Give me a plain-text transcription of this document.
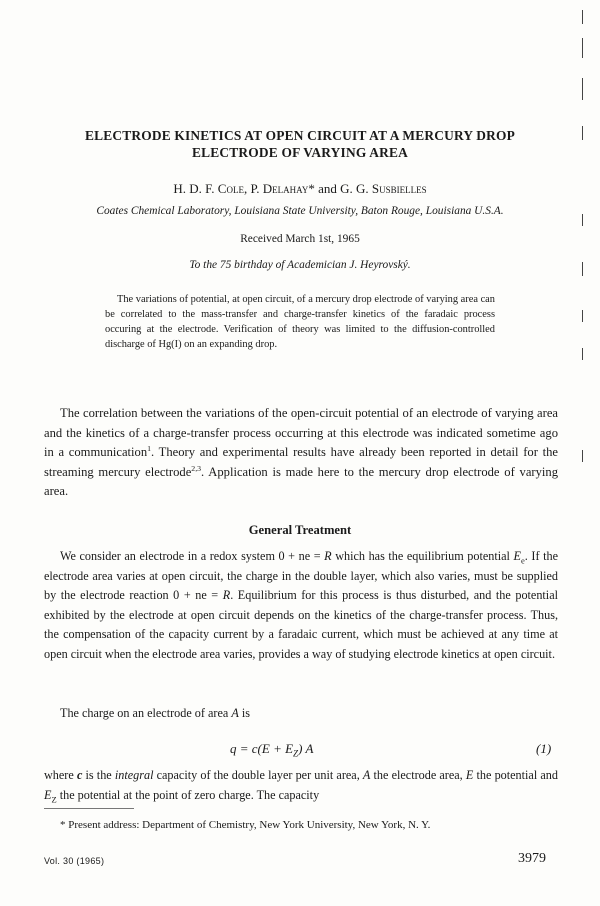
ELECTRODE KINETICS AT OPEN CIRCUIT AT A MERCURY DROP
ELECTRODE OF VARYING AREA
H. D. F. Cole, P. Delahay* and G. G. Susbielles
Coates Chemical Laboratory, Louisiana State University, Baton Rouge, Louisiana U.S.A.
Received March 1st, 1965
To the 75 birthday of Academician J. Heyrovský.
The variations of potential, at open circuit, of a mercury drop electrode of varying area can be correlated to the mass-transfer and charge-transfer kinetics of the faradaic process occuring at the electrode. Verification of theory was limited to the diffusion-controlled discharge of Hg(I) on an expanding drop.
The correlation between the variations of the open-circuit potential of an electrode of varying area and the kinetics of a charge-transfer process occurring at this electrode was indicated sometime ago in a communication$^1$. Theory and experimental results have already been reported in detail for the streaming mercury electrode$^{2,3}$. Application is made here to the mercury drop electrode of varying area.
General Treatment
We consider an electrode in a redox system 0 + ne = R which has the equilibrium potential $E_e$. If the electrode area varies at open circuit, the charge in the double layer, which also varies, must be supplied by the electrode reaction 0 + ne = R. Equilibrium for this process is thus disturbed, and the potential exhibited by the electrode at open circuit depends on the kinetics of the charge-transfer process. Thus, the compensation of the capacity current by a faradaic current, which must be achieved at any time at open circuit when the electrode area varies, provides a way of studying electrode kinetics at open circuit.
The charge on an electrode of area A is
$q = c(E + E_Z)$ A	(1)
where c is the integral capacity of the double layer per unit area, A the electrode area, E the potential and $E_Z$ the potential at the point of zero charge. The capacity
* Present address: Department of Chemistry, New York University, New York, N. Y.
Vol. 30 (1965)	3979
